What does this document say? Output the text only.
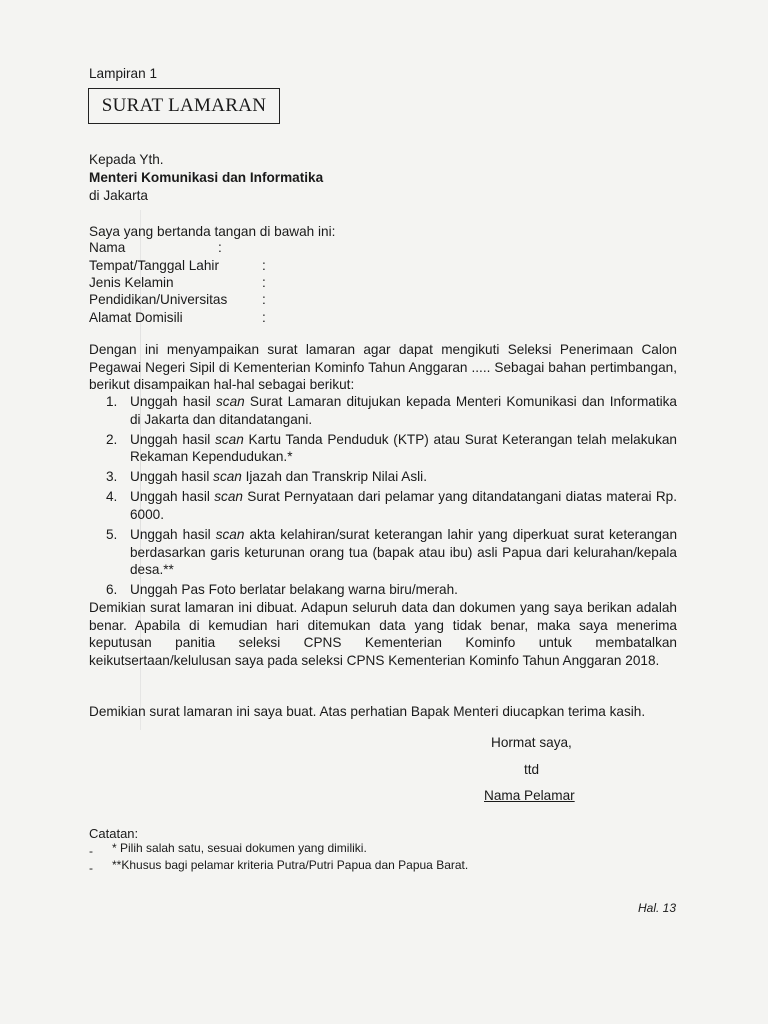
Lampiran 1
SURAT LAMARAN
Kepada Yth.
Menteri Komunikasi dan Informatika
di Jakarta
Saya yang bertanda tangan di bawah ini:
Nama	:
Tempat/Tanggal Lahir	:
Jenis Kelamin	:
Pendidikan/Universitas	:
Alamat Domisili	:
Dengan ini menyampaikan surat lamaran agar dapat mengikuti Seleksi Penerimaan Calon Pegawai Negeri Sipil di Kementerian Kominfo Tahun Anggaran ..... Sebagai bahan pertimbangan, berikut disampaikan hal-hal sebagai berikut:
1. Unggah hasil scan Surat Lamaran ditujukan kepada Menteri Komunikasi dan Informatika di Jakarta dan ditandatangani.
2. Unggah hasil scan Kartu Tanda Penduduk (KTP) atau Surat Keterangan telah melakukan Rekaman Kependudukan.*
3. Unggah hasil scan Ijazah dan Transkrip Nilai Asli.
4. Unggah hasil scan Surat Pernyataan dari pelamar yang ditandatangani diatas materai Rp. 6000.
5. Unggah hasil scan akta kelahiran/surat keterangan lahir yang diperkuat surat keterangan berdasarkan garis keturunan orang tua (bapak atau ibu) asli Papua dari kelurahan/kepala desa.**
6. Unggah Pas Foto berlatar belakang warna biru/merah.
Demikian surat lamaran ini dibuat. Adapun seluruh data dan dokumen yang saya berikan adalah benar. Apabila di kemudian hari ditemukan data yang tidak benar, maka saya menerima keputusan panitia seleksi CPNS Kementerian Kominfo untuk membatalkan keikutsertaan/kelulusan saya pada seleksi CPNS Kementerian Kominfo Tahun Anggaran 2018.
Demikian surat lamaran ini saya buat. Atas perhatian Bapak Menteri diucapkan terima kasih.
Hormat saya,
ttd
Nama Pelamar
Catatan:
- * Pilih salah satu, sesuai dokumen yang dimiliki.
- **Khusus bagi pelamar kriteria Putra/Putri Papua dan Papua Barat.
Hal. 13
